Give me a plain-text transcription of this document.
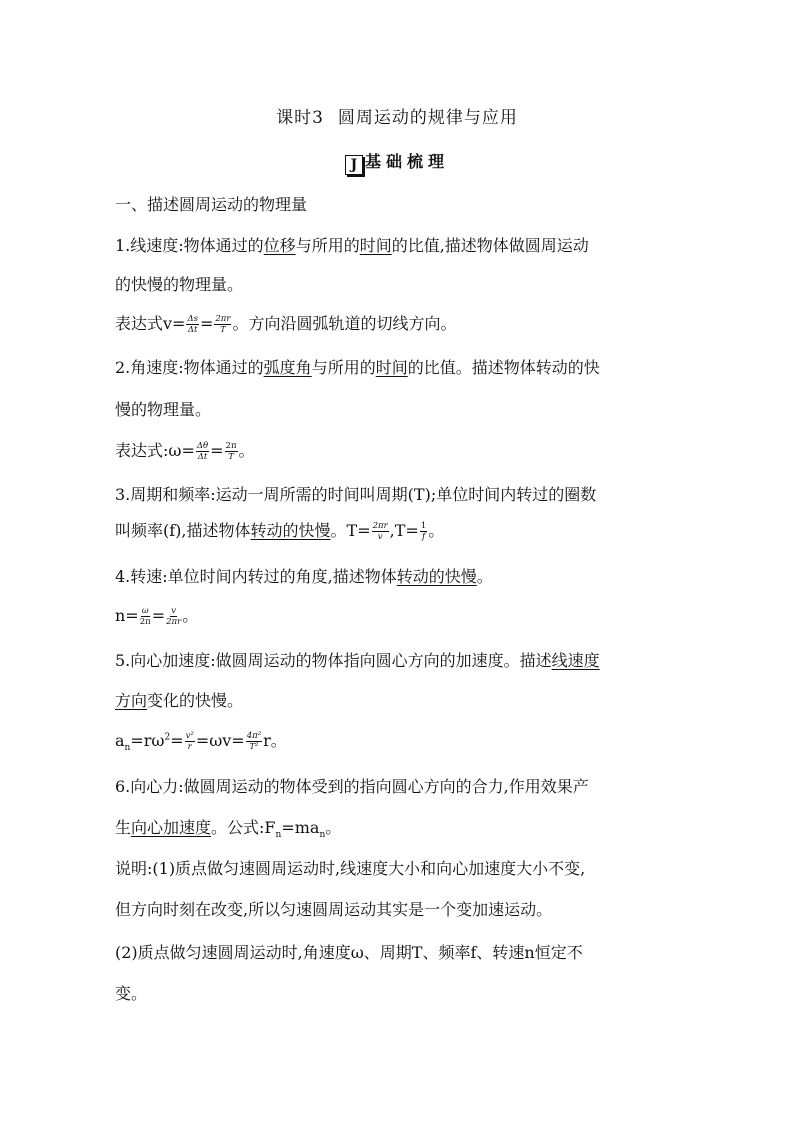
课时3 圆周运动的规律与应用
J 基础梳理
一、描述圆周运动的物理量
1.线速度:物体通过的位移与所用的时间的比值,描述物体做圆周运动
的快慢的物理量。
表达式$v= \frac{\Delta s}{\Delta t} = \frac{2\pi r}{T}$ 。方向沿圆弧轨道的切线方向。
2.角速度:物体通过的弧度角与所用的时间的比值。描述物体转动的快
慢的物理量。
表达式:ω= $\frac{\Delta\theta}{\Delta t} = \frac{2\pi}{T}$ 。
3.周期和频率:运动一周所需的时间叫周期(T);单位时间内转过的圈数
叫频率(f),描述物体转动的快慢。$T= \frac{2\pi r}{v} ,T= \frac{1}{f}$ 。
4.转速:单位时间内转过的角度,描述物体转动的快慢。
$n= \frac{\omega}{2\pi} = \frac{v}{2\pi r}$ 。
5.向心加速度:做圆周运动的物体指向圆心方向的加速度。描述线速度
方向变化的快慢。
$a_n=r\omega^2= \frac{\text{v²}}{r} =\omega v= \frac{\text{4π²}}{\text{T²}}$ r。
6.向心力:做圆周运动的物体受到的指向圆心方向的合力,作用效果产
生向心加速度。公式$:F_n=ma_n$。
说明:(1)质点做匀速圆周运动时,线速度大小和向心加速度大小不变,
但方向时刻在改变,所以匀速圆周运动其实是一个变加速运动。
(2)质点做匀速圆周运动时,角速度ω、周期T、频率f、转速n恒定不
变。
